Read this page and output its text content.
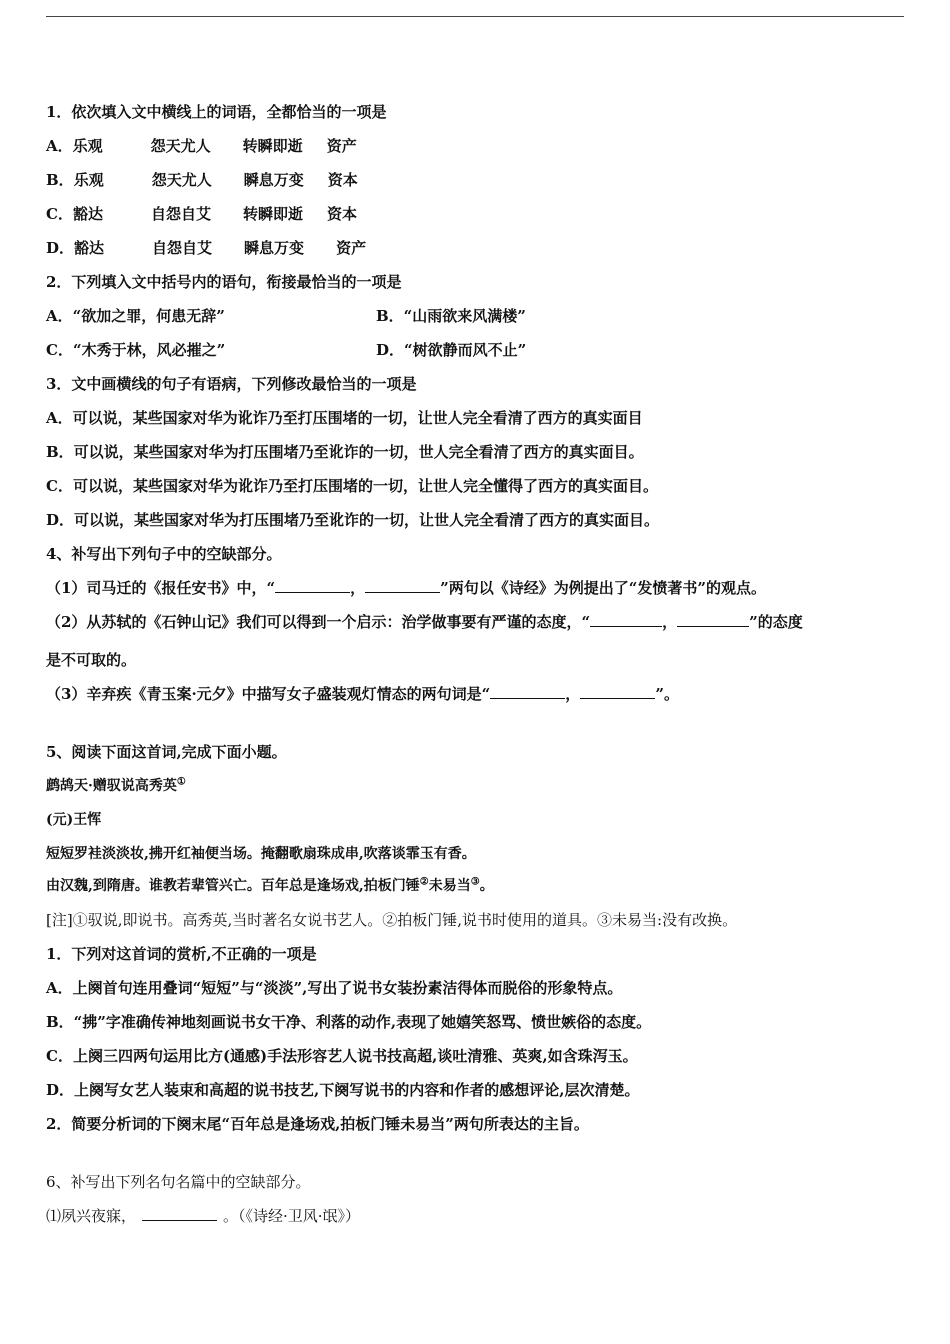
1．依次填入文中横线上的词语，全都恰当的一项是
A．乐观	怨天尤人 转瞬即逝 资产
B．乐观	怨天尤人 瞬息万变 资本
C．豁达	自怨自艾 转瞬即逝 资本
D．豁达	自怨自艾 瞬息万变 资产
2．下列填入文中括号内的语句，衔接最恰当的一项是
A．“欲加之罪，何患无辞”	B．“山雨欲来风满楼”
C．“木秀于林，风必摧之”	D．“树欲静而风不止”
3．文中画横线的句子有语病，下列修改最恰当的一项是
A．可以说，某些国家对华为讹诈乃至打压围堵的一切，让世人完全看清了西方的真实面目
B．可以说，某些国家对华为打压围堵乃至讹诈的一切，世人完全看清了西方的真实面目。
C．可以说，某些国家对华为讹诈乃至打压围堵的一切，让世人完全懂得了西方的真实面目。
D．可以说，某些国家对华为打压围堵乃至讹诈的一切，让世人完全看清了西方的真实面目。
4、补写出下列句子中的空缺部分。
（1）司马迁的《报任安书》中，“	，	”两句以《诗经》为例提出了“发愤著书”的观点。
（2）从苏轼的《石钟山记》我们可以得到一个启示：治学做事要有严谨的态度，“	，	”的态度
是不可取的。
（3）辛弃疾《青玉案·元夕》中描写女子盛装观灯情态的两句词是“	，	”。
5、阅读下面这首词,完成下面小题。
鹧鸪天·赠驭说高秀英①
(元)王恽
短短罗袿淡淡妆,拂开红袖便当场。掩翻歌扇珠成串,吹落谈霏玉有香。
由汉魏,到隋唐。谁教若辈管兴亡。百年总是逢场戏,拍板门锤②未易当③。
[注]①驭说,即说书。高秀英,当时著名女说书艺人。②拍板门锤,说书时使用的道具。③未易当:没有改换。
1．下列对这首词的赏析,不正确的一项是
A．上阕首句连用叠词“短短”与“淡淡”,写出了说书女装扮素洁得体而脱俗的形象特点。
B．“拂”字准确传神地刻画说书女干净、利落的动作,表现了她嬉笑怒骂、愤世嫉俗的态度。
C．上阕三四两句运用比方(通感)手法形容艺人说书技高超,谈吐清雅、英爽,如含珠泻玉。
D．上阕写女艺人装束和高超的说书技艺,下阕写说书的内容和作者的感想评论,层次清楚。
2．简要分析词的下阕末尾“百年总是逢场戏,拍板门锤未易当”两句所表达的主旨。
6、补写出下列名句名篇中的空缺部分。
⑴夙兴夜寐，	。（《诗经·卫风·氓》）
